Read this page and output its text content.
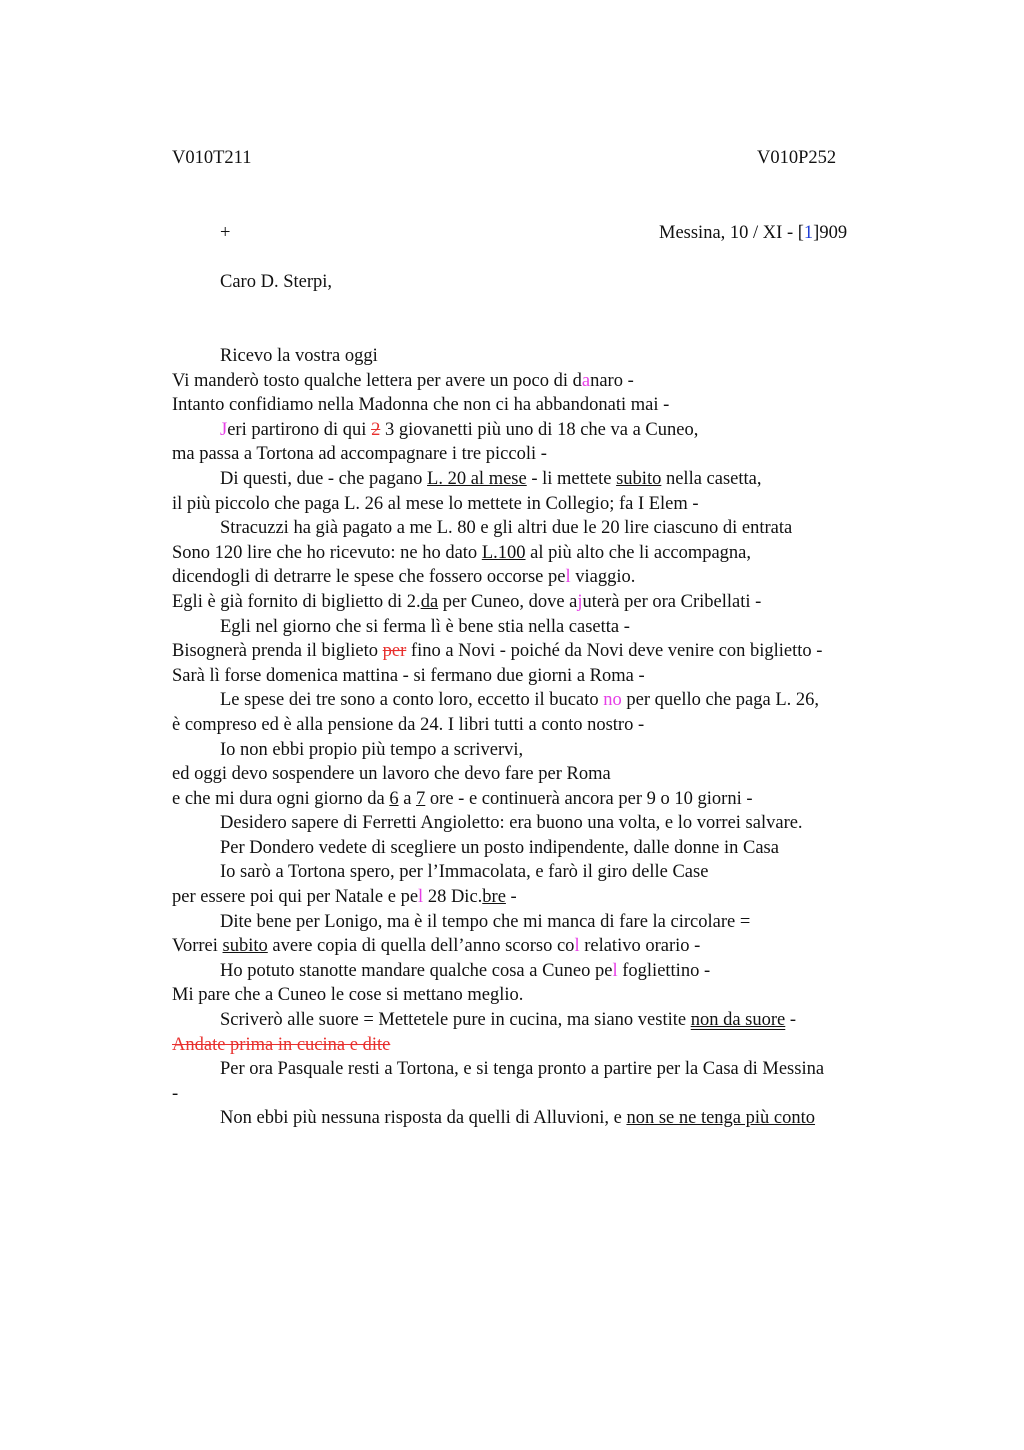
V010T211	V010P252
+	Messina, 10 / XI - [1]909
Caro D. Sterpi,
Ricevo la vostra oggi
Vi manderò tosto qualche lettera per avere un poco di danaro -
Intanto confidiamo nella Madonna che non ci ha abbandonati mai -
Jeri partirono di qui 2 3 giovanetti più uno di 18 che va a Cuneo,
ma passa a Tortona ad accompagnare i tre piccoli -
Di questi, due - che pagano L. 20 al mese - li mettete subito nella casetta,
il più piccolo che paga L. 26 al mese lo mettete in Collegio; fa I Elem -
Stracuzzi ha già pagato a me L. 80 e gli altri due le 20 lire ciascuno di entrata
Sono 120 lire che ho ricevuto: ne ho dato L.100 al più alto che li accompagna,
dicendogli di detrarre le spese che fossero occorse pel viaggio.
Egli è già fornito di biglietto di 2.da per Cuneo, dove ajuterà per ora Cribellati -
Egli nel giorno che si ferma lì è bene stia nella casetta -
Bisognerà prenda il biglieto per fino a Novi - poiché da Novi deve venire con biglietto -
Sarà lì forse domenica mattina - si fermano due giorni a Roma -
Le spese dei tre sono a conto loro, eccetto il bucato no per quello che paga L. 26,
è compreso ed è alla pensione da 24. I libri tutti a conto nostro -
Io non ebbi propio più tempo a scrivervi,
ed oggi devo sospendere un lavoro che devo fare per Roma
e che mi dura ogni giorno da 6 a 7 ore - e continuerà ancora per 9 o 10 giorni -
Desidero sapere di Ferretti Angioletto: era buono una volta, e lo vorrei salvare.
Per Dondero vedete di scegliere un posto indipendente, dalle donne in Casa
Io sarò a Tortona spero, per l’Immacolata, e farò il giro delle Case
per essere poi qui per Natale e pel 28 Dic.bre -
Dite bene per Lonigo, ma è il tempo che mi manca di fare la circolare =
Vorrei subito avere copia di quella dell’anno scorso col relativo orario -
Ho potuto stanotte mandare qualche cosa a Cuneo pel fogliettino -
Mi pare che a Cuneo le cose si mettano meglio.
Scriverò alle suore = Mettetele pure in cucina, ma siano vestite non da suore -
Andate prima in cucina e dite
Per ora Pasquale resti a Tortona, e si tenga pronto a partire per la Casa di Messina
-
Non ebbi più nessuna risposta da quelli di Alluvioni, e non se ne tenga più conto
